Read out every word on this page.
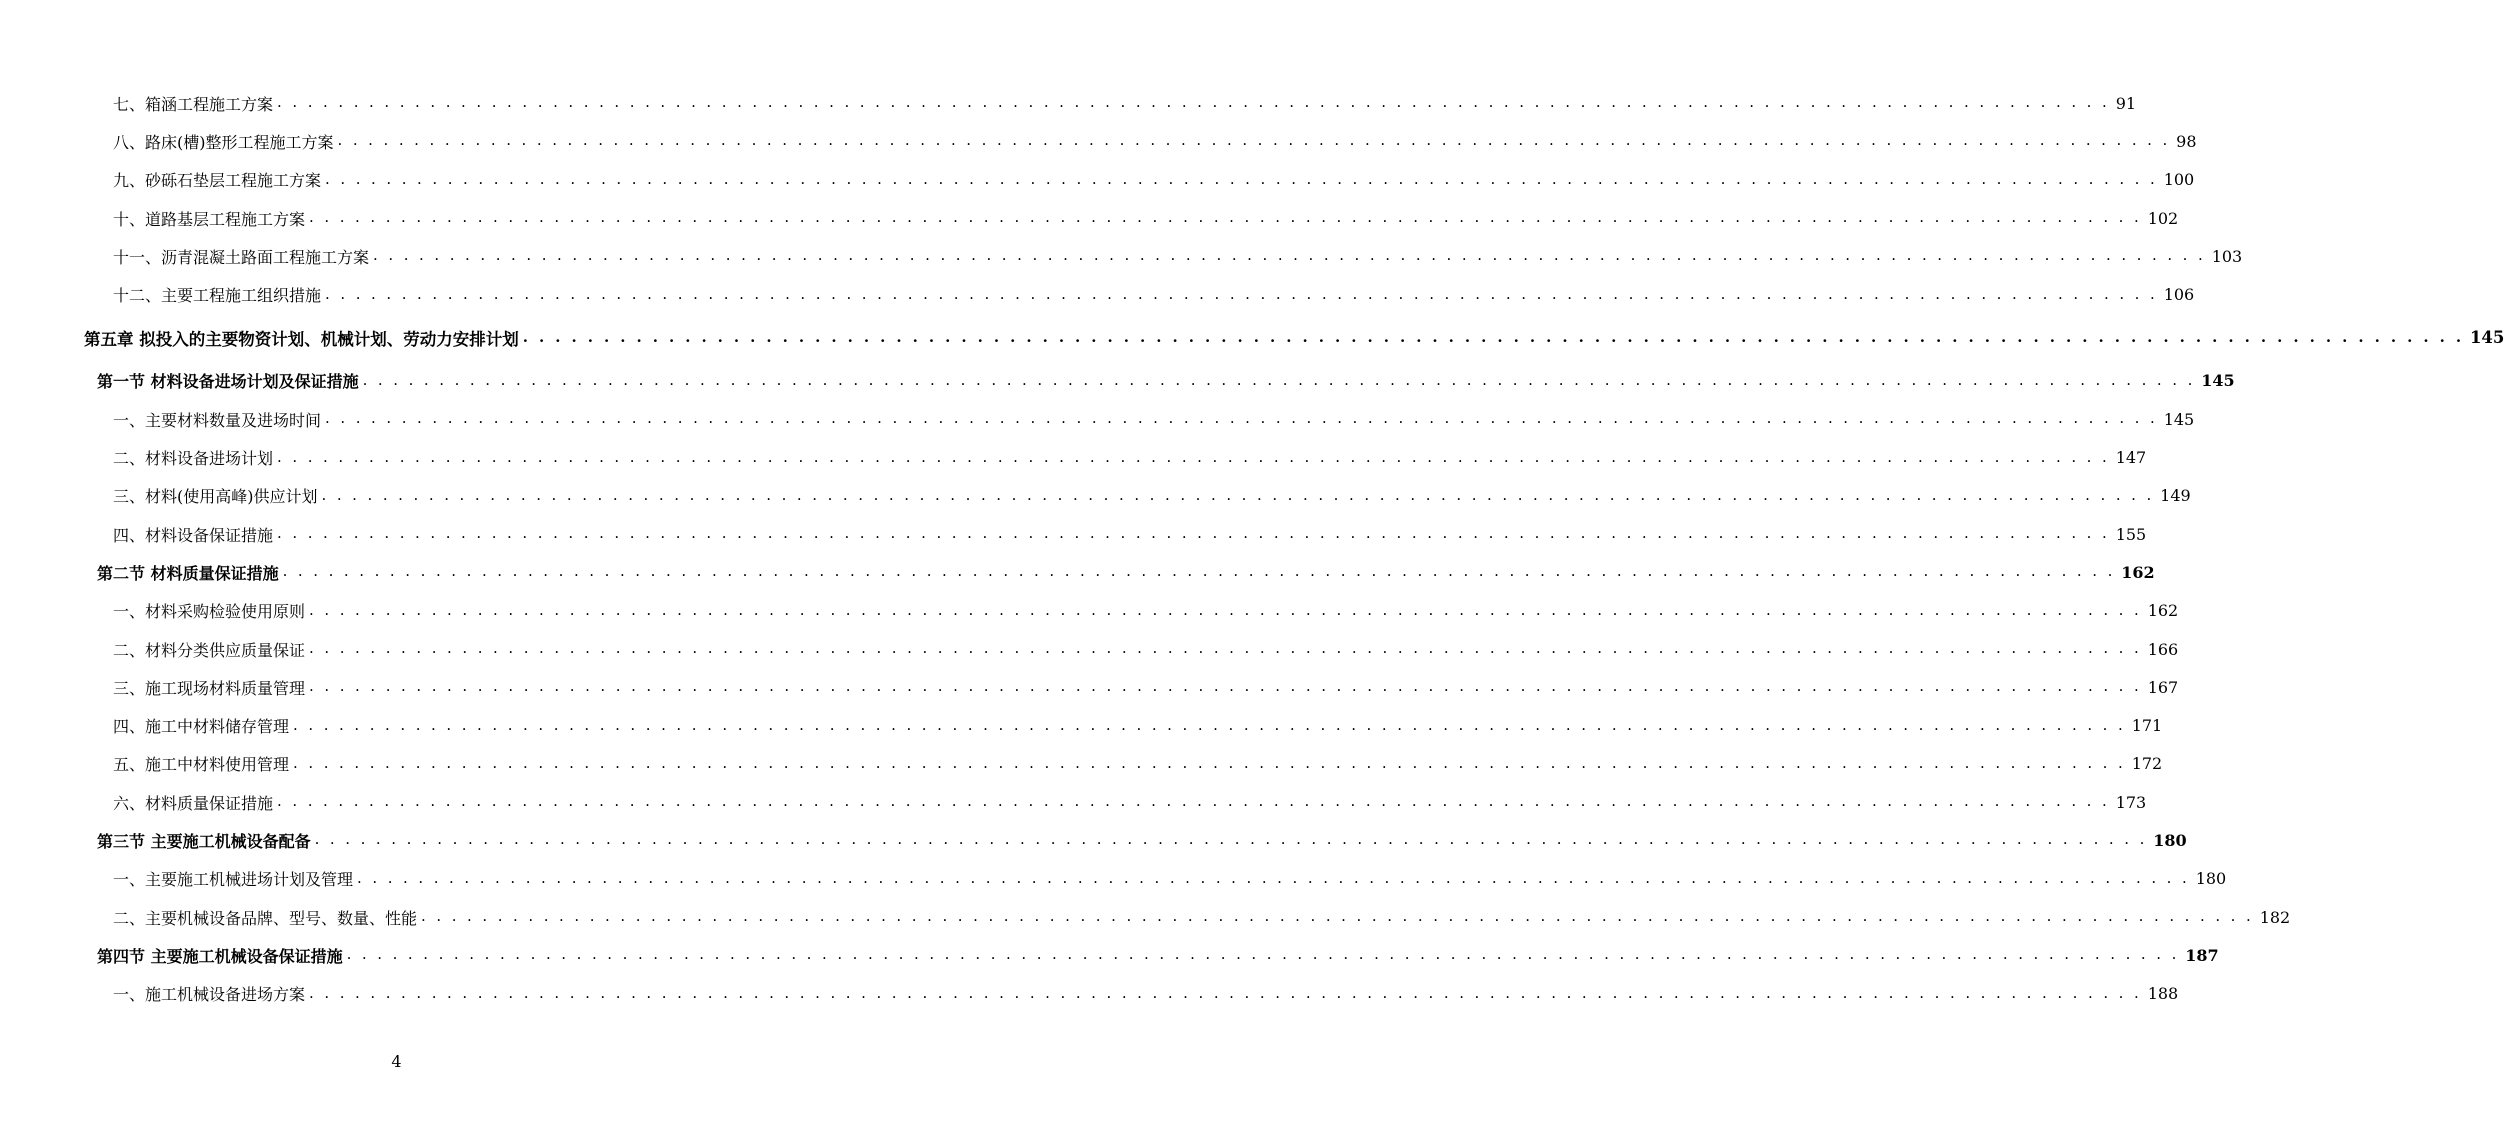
七、箱涵工程施工方案 . . . . . . . . . . . . . . . . . . . . . . . . . . . . . . . . . . . . . . . . . . . . . . . . . . . . . . . . . . . . . . . . . . . . . . . . . . . . . . . . . . . . . . . . . . . . . . . . . . . . . . . . . . . . . . . . . . . . . . . . 91
八、路床(槽)整形工程施工方案 . . . . . . . . . . . . . . . . . . . . . . . . . . . . . . . . . . . . . . . . . . . . . . . . . . . . . . . . . . . . . . . . . . . . . . . . . . . . . . . . . . . . . . . . . . . . . . . . . . . . . . . . . . . . . . . . . . . . . . . . 98
九、砂砾石垫层工程施工方案 . . . . . . . . . . . . . . . . . . . . . . . . . . . . . . . . . . . . . . . . . . . . . . . . . . . . . . . . . . . . . . . . . . . . . . . . . . . . . . . . . . . . . . . . . . . . . . . . . . . . . . . . . . . . . . . . . . . . . . . . 100
十、道路基层工程施工方案 . . . . . . . . . . . . . . . . . . . . . . . . . . . . . . . . . . . . . . . . . . . . . . . . . . . . . . . . . . . . . . . . . . . . . . . . . . . . . . . . . . . . . . . . . . . . . . . . . . . . . . . . . . . . . . . . . . . . . . . . 102
十一、沥青混凝土路面工程施工方案 . . . . . . . . . . . . . . . . . . . . . . . . . . . . . . . . . . . . . . . . . . . . . . . . . . . . . . . . . . . . . . . . . . . . . . . . . . . . . . . . . . . . . . . . . . . . . . . . . . . . . . . . . . . . . . . . . . . . . . . . 103
十二、主要工程施工组织措施 . . . . . . . . . . . . . . . . . . . . . . . . . . . . . . . . . . . . . . . . . . . . . . . . . . . . . . . . . . . . . . . . . . . . . . . . . . . . . . . . . . . . . . . . . . . . . . . . . . . . . . . . . . . . . . . . . . . . . . . . 106
第五章 拟投入的主要物资计划、机械计划、劳动力安排计划 . . . . . . . . . . . . . . . . . . . . . . . . . . . . . . . . . . . . . . . . . . . . . . . . . . . . . . . . . . . . . . . . . . . . . . . . . . . . . . . . . . . . . . . . . . . . . . . . . . . . . . . . . . . . . . . . . . . . . . . . 145
第一节 材料设备进场计划及保证措施 . . . . . . . . . . . . . . . . . . . . . . . . . . . . . . . . . . . . . . . . . . . . . . . . . . . . . . . . . . . . . . . . . . . . . . . . . . . . . . . . . . . . . . . . . . . . . . . . . . . . . . . . . . . . . . . . . . . . . . . . 145
一、主要材料数量及进场时间 . . . . . . . . . . . . . . . . . . . . . . . . . . . . . . . . . . . . . . . . . . . . . . . . . . . . . . . . . . . . . . . . . . . . . . . . . . . . . . . . . . . . . . . . . . . . . . . . . . . . . . . . . . . . . . . . . . . . . . . . 145
二、材料设备进场计划 . . . . . . . . . . . . . . . . . . . . . . . . . . . . . . . . . . . . . . . . . . . . . . . . . . . . . . . . . . . . . . . . . . . . . . . . . . . . . . . . . . . . . . . . . . . . . . . . . . . . . . . . . . . . . . . . . . . . . . . . 147
三、材料(使用高峰)供应计划 . . . . . . . . . . . . . . . . . . . . . . . . . . . . . . . . . . . . . . . . . . . . . . . . . . . . . . . . . . . . . . . . . . . . . . . . . . . . . . . . . . . . . . . . . . . . . . . . . . . . . . . . . . . . . . . . . . . . . . . . 149
四、材料设备保证措施 . . . . . . . . . . . . . . . . . . . . . . . . . . . . . . . . . . . . . . . . . . . . . . . . . . . . . . . . . . . . . . . . . . . . . . . . . . . . . . . . . . . . . . . . . . . . . . . . . . . . . . . . . . . . . . . . . . . . . . . . 155
第二节 材料质量保证措施 . . . . . . . . . . . . . . . . . . . . . . . . . . . . . . . . . . . . . . . . . . . . . . . . . . . . . . . . . . . . . . . . . . . . . . . . . . . . . . . . . . . . . . . . . . . . . . . . . . . . . . . . . . . . . . . . . . . . . . . . 162
一、材料采购检验使用原则 . . . . . . . . . . . . . . . . . . . . . . . . . . . . . . . . . . . . . . . . . . . . . . . . . . . . . . . . . . . . . . . . . . . . . . . . . . . . . . . . . . . . . . . . . . . . . . . . . . . . . . . . . . . . . . . . . . . . . . . . 162
二、材料分类供应质量保证 . . . . . . . . . . . . . . . . . . . . . . . . . . . . . . . . . . . . . . . . . . . . . . . . . . . . . . . . . . . . . . . . . . . . . . . . . . . . . . . . . . . . . . . . . . . . . . . . . . . . . . . . . . . . . . . . . . . . . . . . 166
三、施工现场材料质量管理 . . . . . . . . . . . . . . . . . . . . . . . . . . . . . . . . . . . . . . . . . . . . . . . . . . . . . . . . . . . . . . . . . . . . . . . . . . . . . . . . . . . . . . . . . . . . . . . . . . . . . . . . . . . . . . . . . . . . . . . . 167
四、施工中材料储存管理 . . . . . . . . . . . . . . . . . . . . . . . . . . . . . . . . . . . . . . . . . . . . . . . . . . . . . . . . . . . . . . . . . . . . . . . . . . . . . . . . . . . . . . . . . . . . . . . . . . . . . . . . . . . . . . . . . . . . . . . . 171
五、施工中材料使用管理 . . . . . . . . . . . . . . . . . . . . . . . . . . . . . . . . . . . . . . . . . . . . . . . . . . . . . . . . . . . . . . . . . . . . . . . . . . . . . . . . . . . . . . . . . . . . . . . . . . . . . . . . . . . . . . . . . . . . . . . . 172
六、材料质量保证措施 . . . . . . . . . . . . . . . . . . . . . . . . . . . . . . . . . . . . . . . . . . . . . . . . . . . . . . . . . . . . . . . . . . . . . . . . . . . . . . . . . . . . . . . . . . . . . . . . . . . . . . . . . . . . . . . . . . . . . . . . 173
第三节 主要施工机械设备配备 . . . . . . . . . . . . . . . . . . . . . . . . . . . . . . . . . . . . . . . . . . . . . . . . . . . . . . . . . . . . . . . . . . . . . . . . . . . . . . . . . . . . . . . . . . . . . . . . . . . . . . . . . . . . . . . . . . . . . . . . 180
一、主要施工机械进场计划及管理 . . . . . . . . . . . . . . . . . . . . . . . . . . . . . . . . . . . . . . . . . . . . . . . . . . . . . . . . . . . . . . . . . . . . . . . . . . . . . . . . . . . . . . . . . . . . . . . . . . . . . . . . . . . . . . . . . . . . . . . . 180
二、主要机械设备品牌、型号、数量、性能 . . . . . . . . . . . . . . . . . . . . . . . . . . . . . . . . . . . . . . . . . . . . . . . . . . . . . . . . . . . . . . . . . . . . . . . . . . . . . . . . . . . . . . . . . . . . . . . . . . . . . . . . . . . . . . . . . . . . . . . . 182
第四节 主要施工机械设备保证措施 . . . . . . . . . . . . . . . . . . . . . . . . . . . . . . . . . . . . . . . . . . . . . . . . . . . . . . . . . . . . . . . . . . . . . . . . . . . . . . . . . . . . . . . . . . . . . . . . . . . . . . . . . . . . . . . . . . . . . . . . 187
一、施工机械设备进场方案 . . . . . . . . . . . . . . . . . . . . . . . . . . . . . . . . . . . . . . . . . . . . . . . . . . . . . . . . . . . . . . . . . . . . . . . . . . . . . . . . . . . . . . . . . . . . . . . . . . . . . . . . . . . . . . . . . . . . . . . . 188
4
